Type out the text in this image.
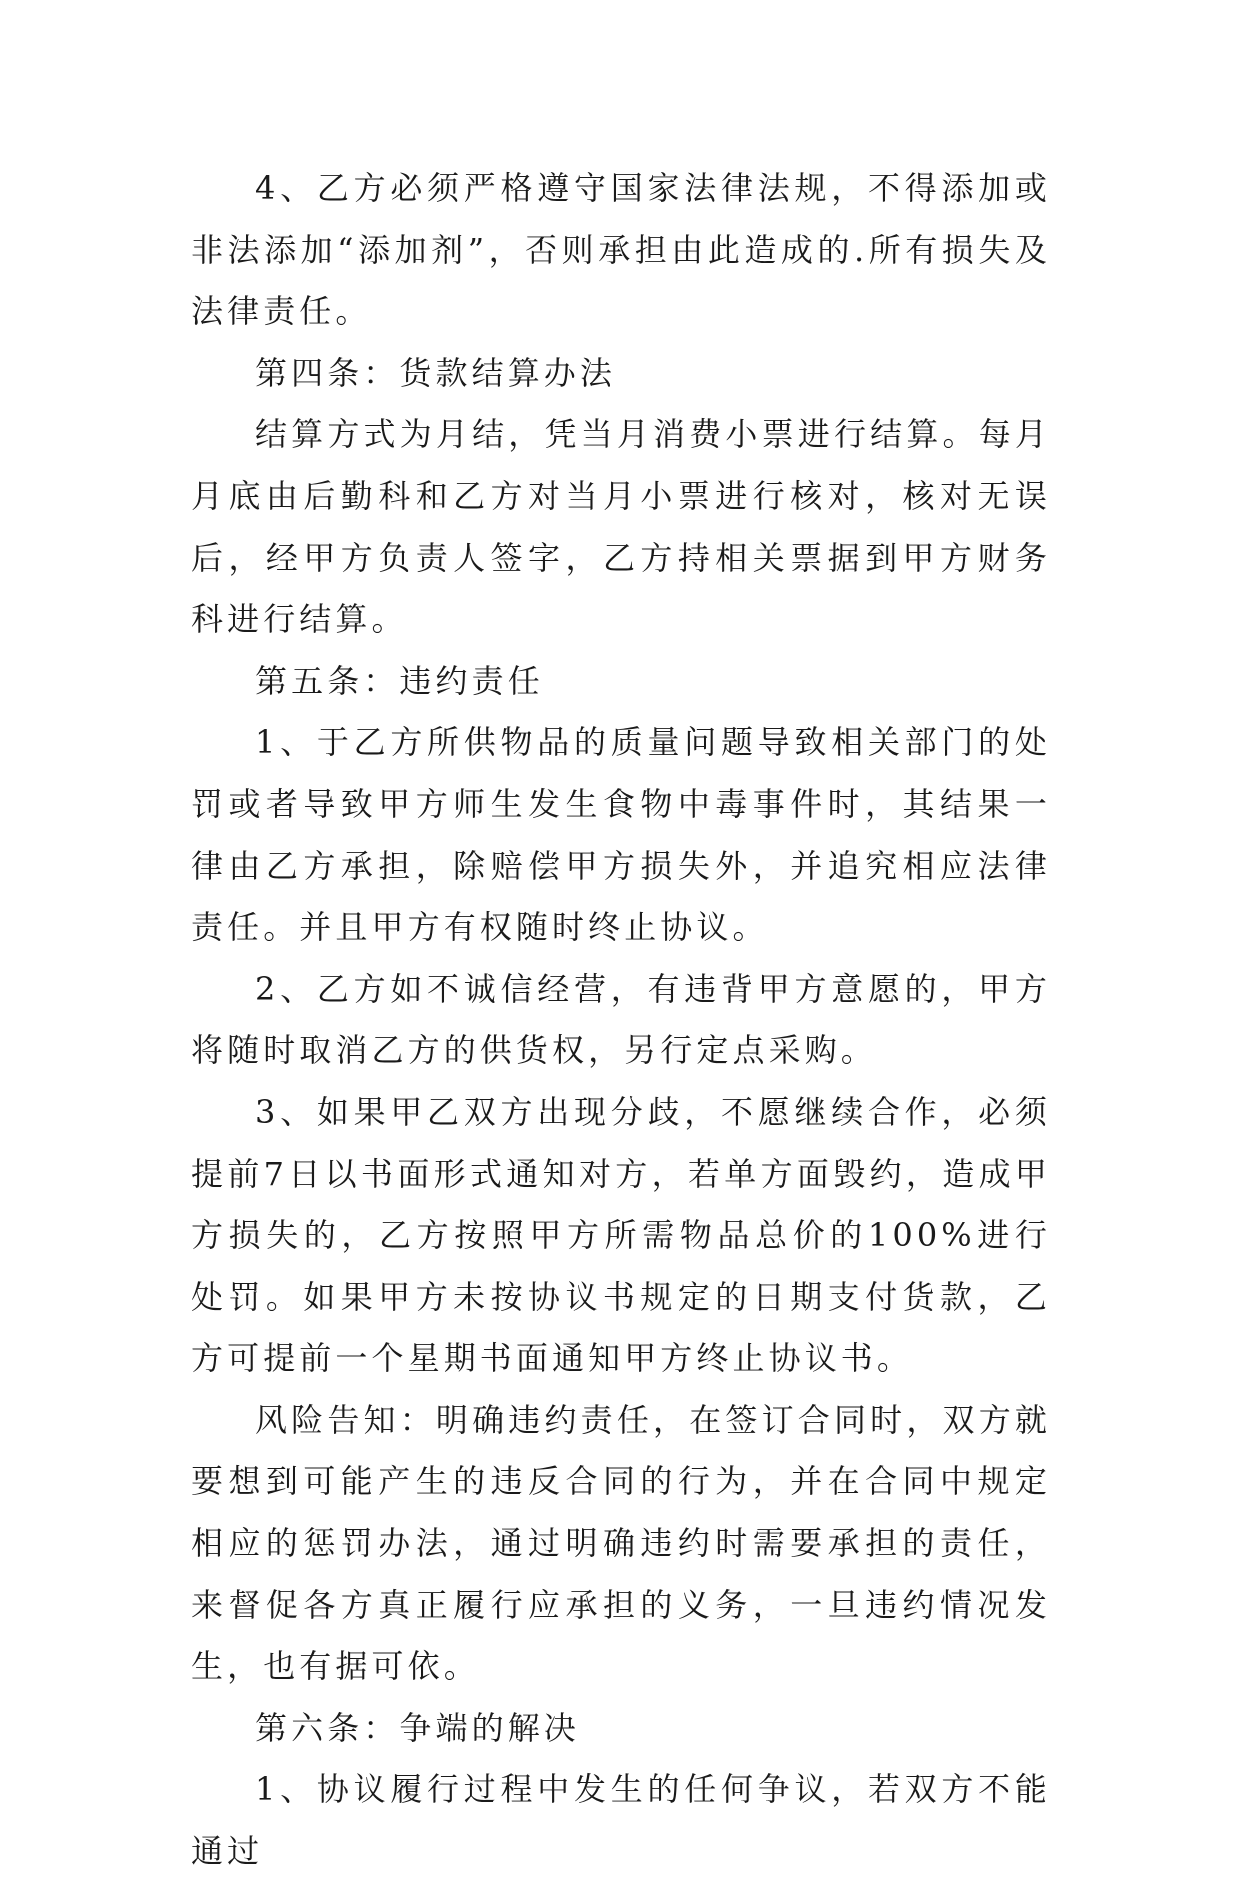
4、乙方必须严格遵守国家法律法规，不得添加或非法添加“添加剂”，否则承担由此造成的.所有损失及法律责任。

第四条：货款结算办法

结算方式为月结，凭当月消费小票进行结算。每月月底由后勤科和乙方对当月小票进行核对，核对无误后，经甲方负责人签字，乙方持相关票据到甲方财务科进行结算。

第五条：违约责任

1、于乙方所供物品的质量问题导致相关部门的处罚或者导致甲方师生发生食物中毒事件时，其结果一律由乙方承担，除赔偿甲方损失外，并追究相应法律责任。并且甲方有权随时终止协议。

2、乙方如不诚信经营，有违背甲方意愿的，甲方将随时取消乙方的供货权，另行定点采购。

3、如果甲乙双方出现分歧，不愿继续合作，必须提前7日以书面形式通知对方，若单方面毁约，造成甲方损失的，乙方按照甲方所需物品总价的100%进行处罚。如果甲方未按协议书规定的日期支付货款，乙方可提前一个星期书面通知甲方终止协议书。

风险告知：明确违约责任，在签订合同时，双方就要想到可能产生的违反合同的行为，并在合同中规定相应的惩罚办法，通过明确违约时需要承担的责任，来督促各方真正履行应承担的义务，一旦违约情况发生，也有据可依。

第六条：争端的解决

1、协议履行过程中发生的任何争议，若双方不能通过
